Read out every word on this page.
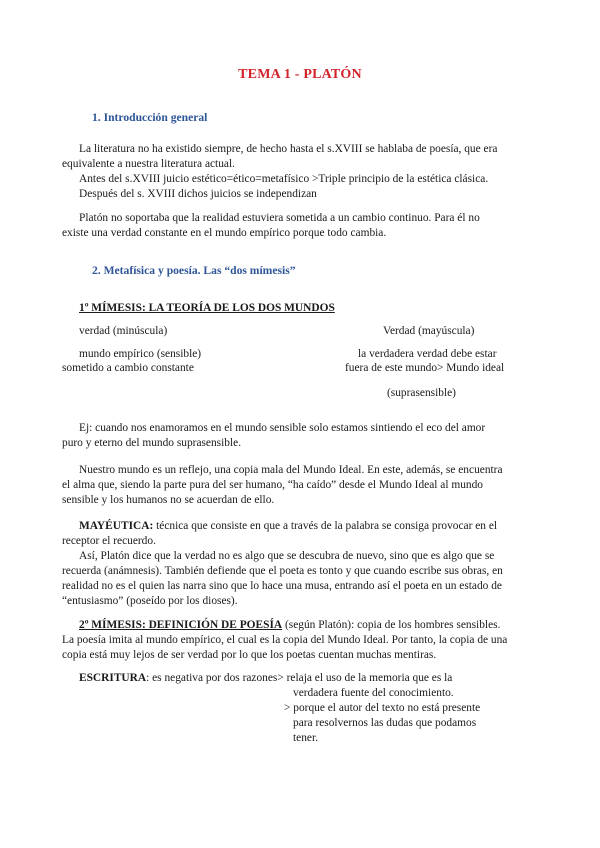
TEMA 1 - PLATÓN
1. Introducción general
La literatura no ha existido siempre, de hecho hasta el s.XVIII se hablaba de poesía, que era
equivalente a nuestra literatura actual.
Antes del s.XVIII juicio estético=ético=metafísico >Triple principio de la estética clásica.
Después del s. XVIII dichos juicios se independizan
Platón no soportaba que la realidad estuviera sometida a un cambio continuo. Para él no
existe una verdad constante en el mundo empírico porque todo cambia.
2. Metafísica y poesía. Las “dos mímesis”
1º MÍMESIS: LA TEORÍA DE LOS DOS MUNDOS
verdad (minúscula)	Verdad (mayúscula)
mundo empírico (sensible)	la verdadera verdad debe estar
sometido a cambio constante	fuera de este mundo> Mundo ideal
(suprasensible)
Ej: cuando nos enamoramos en el mundo sensible solo estamos sintiendo el eco del amor
puro y eterno del mundo suprasensible.
Nuestro mundo es un reflejo, una copia mala del Mundo Ideal. En este, además, se encuentra
el alma que, siendo la parte pura del ser humano, “ha caído” desde el Mundo Ideal al mundo
sensible y los humanos no se acuerdan de ello.
MAYÉUTICA: técnica que consiste en que a través de la palabra se consiga provocar en el
receptor el recuerdo.
Así, Platón dice que la verdad no es algo que se descubra de nuevo, sino que es algo que se
recuerda (anámnesis). También defiende que el poeta es tonto y que cuando escribe sus obras, en
realidad no es el quien las narra sino que lo hace una musa, entrando así el poeta en un estado de
“entusiasmo” (poseído por los dioses).
2º MÍMESIS: DEFINICIÓN DE POESÍA (según Platón): copia de los hombres sensibles.
La poesía imita al mundo empírico, el cual es la copia del Mundo Ideal. Por tanto, la copia de una
copia está muy lejos de ser verdad por lo que los poetas cuentan muchas mentiras.
ESCRITURA: es negativa por dos razones> relaja el uso de la memoria que es la
verdadera fuente del conocimiento.
> porque el autor del texto no está presente
para resolvernos las dudas que podamos
tener.
